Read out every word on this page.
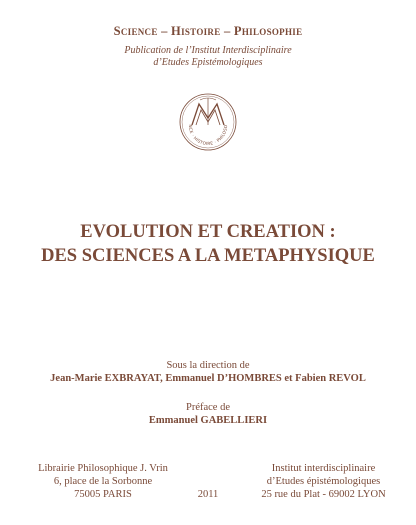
Science – Histoire – Philosophie
Publication de l’Institut Interdisciplinaire
d’Etudes Epistémologiques
NCE · HISTOIRE · PHILOSO
EVOLUTION ET CREATION :
DES SCIENCES A LA METAPHYSIQUE
Sous la direction de
Jean-Marie EXBRAYAT, Emmanuel D’HOMBRES et Fabien REVOL
Préface de
Emmanuel GABELLIERI
Librairie Philosophique J. Vrin
6, place de la Sorbonne
75005 PARIS	2011
Institut interdisciplinaire
d’Etudes épistémologiques
25 rue du Plat - 69002 LYON
